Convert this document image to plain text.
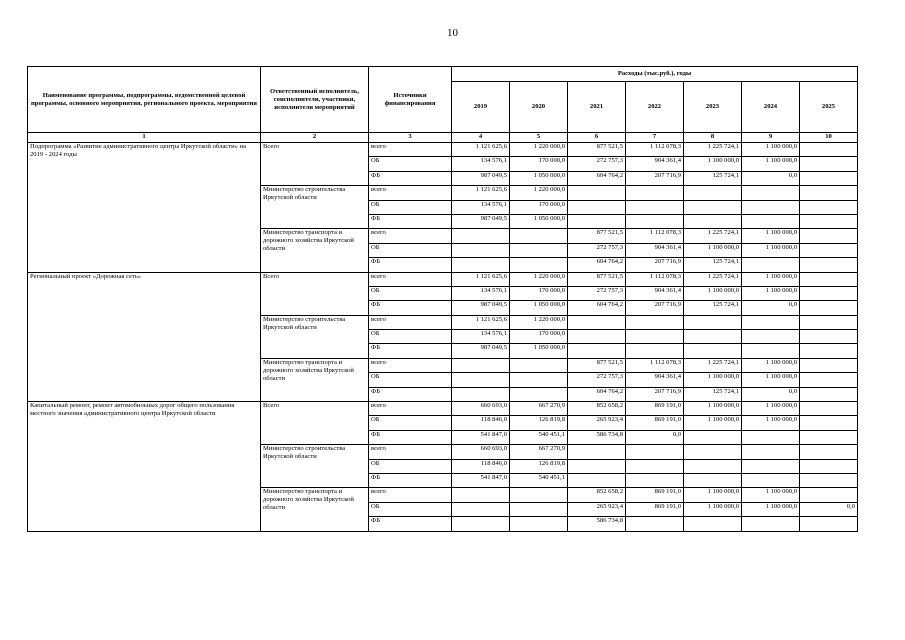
10
Наименование программы, подпрограммы, ведомственной целевой программы, основного мероприятия, регионального проекта, мероприятия	Ответственный исполнитель, соисполнители, участники, исполнители мероприятий	Источники финансирования	Расходы (тыс.руб.), годы						
			2019	2020	2021	2022	2023	2024	2025
1	2	3	4	5	6	7	8	9	10
Подпрограмма «Развитие административного центра Иркутской области» на 2019 - 2024 годы	Всего	всего	1 121 625,6	1 220 000,0	877 521,5	1 112 078,3	1 225 724,1	1 100 000,0	
		ОБ	134 576,1	170 000,0	272 757,3	904 361,4	1 100 000,0	1 100 000,0	
		ФБ	987 049,5	1 050 000,0	604 764,2	207 716,9	125 724,1	0,0	
	Министерство строительства Иркутской области	всего	1 121 625,6	1 220 000,0					
		ОБ	134 576,1	170 000,0					
		ФБ	987 049,5	1 050 000,0					
	Министерство транспорта и дорожного хозяйства Иркутской области	всего			877 521,5	1 112 078,3	1 225 724,1	1 100 000,0	
		ОБ			272 757,3	904 361,4	1 100 000,0	1 100 000,0	
		ФБ			604 764,2	207 716,9	125 724,1		
Региональный проект «Дорожная сеть»	Всего	всего	1 121 625,6	1 220 000,0	877 521,5	1 112 078,3	1 225 724,1	1 100 000,0	
		ОБ	134 576,1	170 000,0	272 757,3	904 361,4	1 100 000,0	1 100 000,0	
		ФБ	987 049,5	1 050 000,0	604 764,2	207 716,9	125 724,1	0,0	
	Министерство строительства Иркутской области	всего	1 121 625,6	1 220 000,0					
		ОБ	134 576,1	170 000,0					
		ФБ	987 049,5	1 050 000,0					
	Министерство транспорта и дорожного хозяйства Иркутской области	всего			877 521,5	1 112 078,3	1 225 724,1	1 100 000,0	
		ОБ			272 757,3	904 361,4	1 100 000,0	1 100 000,0	
		ФБ			604 764,2	207 716,9	125 724,1	0,0	
Капитальный ремонт, ремонт автомобильных дорог общего пользования местного значения административного центра Иркутской области	Всего	всего	660 693,0	667 270,9	852 658,2	869 191,0	1 100 000,0	1 100 000,0	
		ОБ	118 846,0	126 819,8	265 923,4	869 191,0	1 100 000,0	1 100 000,0	
		ФБ	541 847,0	540 451,1	586 734,8	0,0			
	Министерство строительства Иркутской области	всего	660 693,0	667 270,9					
		ОБ	118 846,0	126 819,8					
		ФБ	541 847,0	540 451,1					
	Министерство транспорта и дорожного хозяйства Иркутской области	всего			852 658,2	869 191,0	1 100 000,0	1 100 000,0	
		ОБ			265 923,4	869 191,0	1 100 000,0	1 100 000,0	0,0
		ФБ			586 734,8				
